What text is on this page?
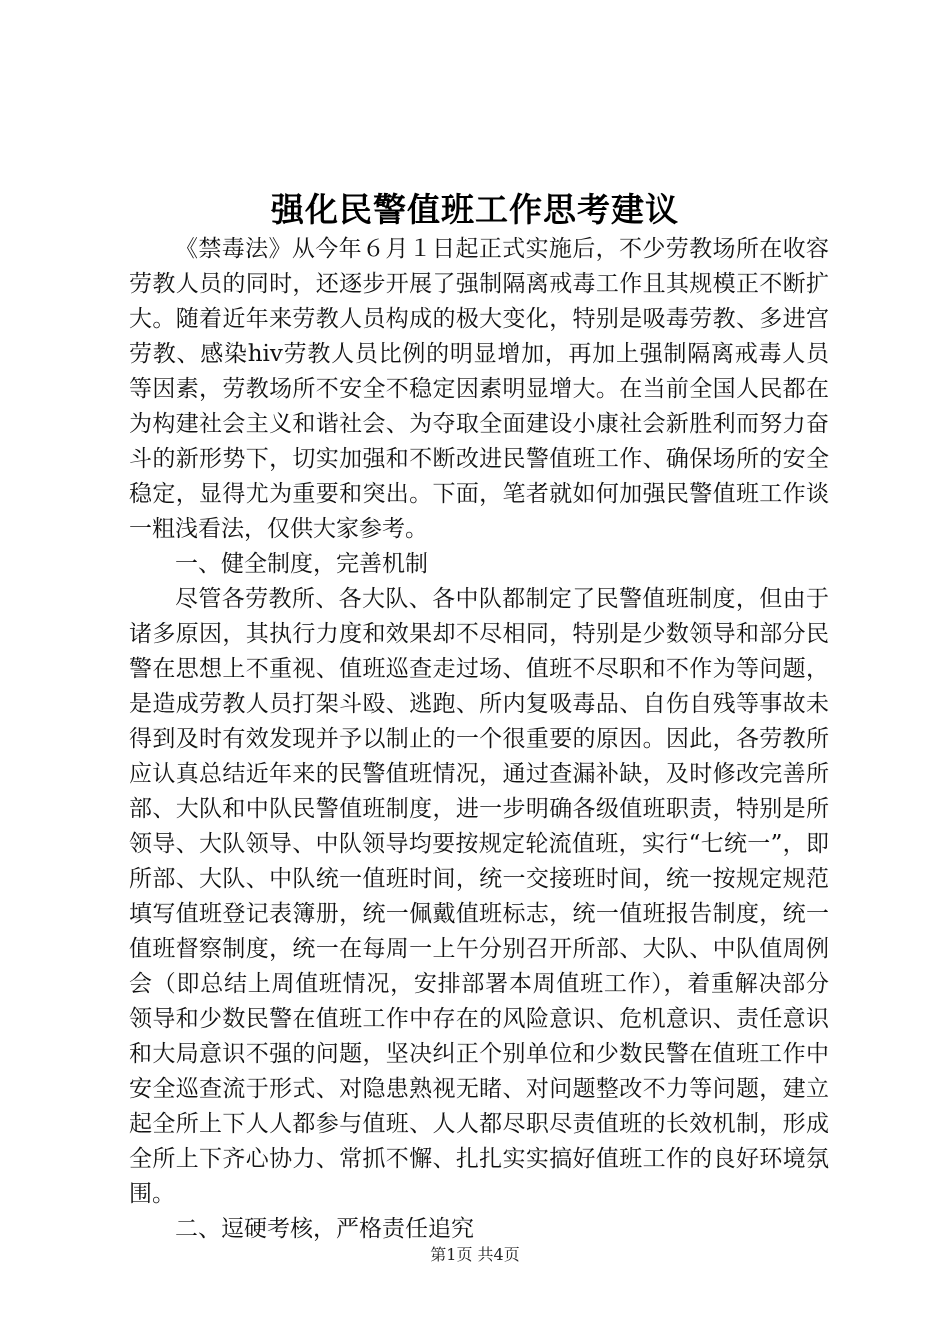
强化民警值班工作思考建议

《禁毒法》从今年６月１日起正式实施后，不少劳教场所在收容劳教人员的同时，还逐步开展了强制隔离戒毒工作且其规模正不断扩大。随着近年来劳教人员构成的极大变化，特别是吸毒劳教、多进宫劳教、感染hiv劳教人员比例的明显增加，再加上强制隔离戒毒人员等因素，劳教场所不安全不稳定因素明显增大。在当前全国人民都在为构建社会主义和谐社会、为夺取全面建设小康社会新胜利而努力奋斗的新形势下，切实加强和不断改进民警值班工作、确保场所的安全稳定，显得尤为重要和突出。下面，笔者就如何加强民警值班工作谈一粗浅看法，仅供大家参考。

一、健全制度，完善机制

尽管各劳教所、各大队、各中队都制定了民警值班制度，但由于诸多原因，其执行力度和效果却不尽相同，特别是少数领导和部分民警在思想上不重视、值班巡查走过场、值班不尽职和不作为等问题，是造成劳教人员打架斗殴、逃跑、所内复吸毒品、自伤自残等事故未得到及时有效发现并予以制止的一个很重要的原因。因此，各劳教所应认真总结近年来的民警值班情况，通过查漏补缺，及时修改完善所部、大队和中队民警值班制度，进一步明确各级值班职责，特别是所领导、大队领导、中队领导均要按规定轮流值班，实行“七统一”，即所部、大队、中队统一值班时间，统一交接班时间，统一按规定规范填写值班登记表簿册，统一佩戴值班标志，统一值班报告制度，统一值班督察制度，统一在每周一上午分别召开所部、大队、中队值周例会（即总结上周值班情况，安排部署本周值班工作），着重解决部分领导和少数民警在值班工作中存在的风险意识、危机意识、责任意识和大局意识不强的问题，坚决纠正个别单位和少数民警在值班工作中安全巡查流于形式、对隐患熟视无睹、对问题整改不力等问题，建立起全所上下人人都参与值班、人人都尽职尽责值班的长效机制，形成全所上下齐心协力、常抓不懈、扎扎实实搞好值班工作的良好环境氛围。

二、逗硬考核，严格责任追究

第1页 共4页
